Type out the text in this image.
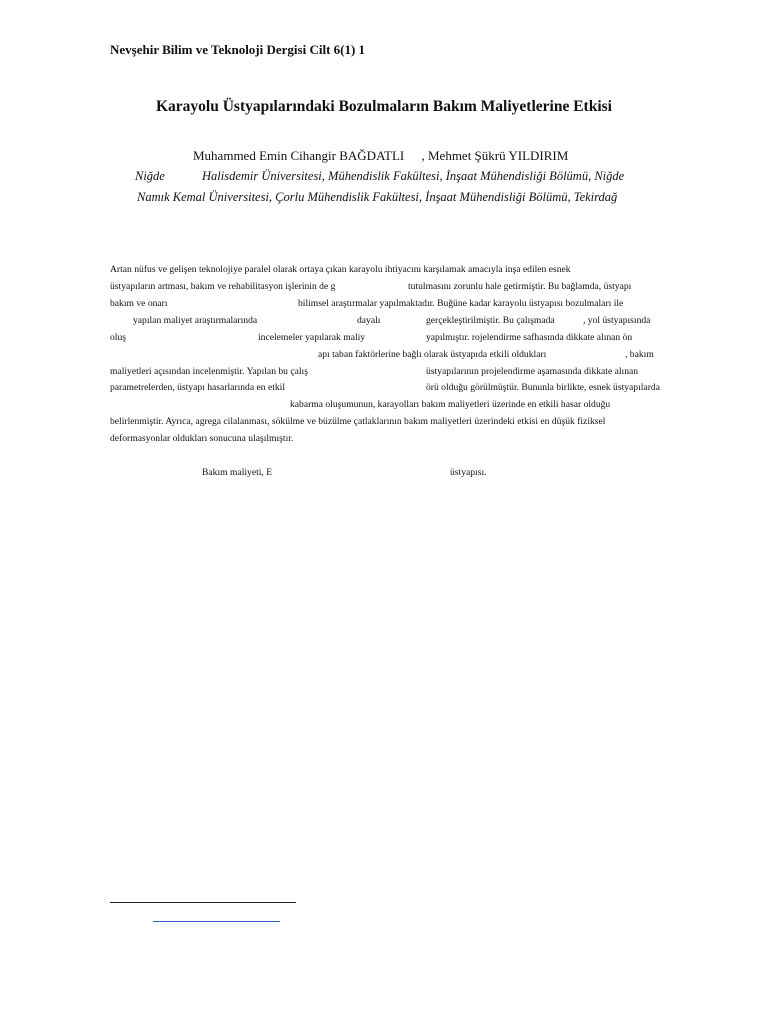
Nevşehir Bilim ve Teknoloji Dergisi Cilt 6(1) 1
Karayolu Üstyapılarındaki Bozulmaların Bakım Maliyetlerine Etkisi
Muhammed Emin Cihangir BAĞDATLI , Mehmet Şükrü YILDIRIM
Niğde	Halisdemir Üniversitesi, Mühendislik Fakültesi, İnşaat Mühendisliği Bölümü, Niğde
Namık Kemal Üniversitesi, Çorlu Mühendislik Fakültesi, İnşaat Mühendisliği Bölümü, Tekirdağ
Artan nüfus ve gelişen teknolojiye paralel olarak ortaya çıkan karayolu ihtiyacını karşılamak amacıyla inşa edilen esnek
üstyapıların artması, bakım ve rehabilitasyon işlerinin de g	tutulmasını zorunlu hale getirmiştir. Bu bağlamda, üstyapı
bakım ve onarı	bilimsel araştırmalar yapılmaktadır. Buğüne kadar karayolu üstyapısı bozulmaları ile
yapılan maliyet araştırmalarında	dayalı	gerçekleştirilmiştir. Bu çalışmada	, yol üstyapısında
oluş	incelemeler yapılarak maliy	yapılmıştır. rojelendirme safhasında dikkate alınan ön
apı taban faktörlerine bağlı olarak üstyapıda etkili oldukları	, bakım
maliyetleri açısından incelenmiştir. Yapılan bu çalış	üstyapılarının projelendirme aşamasında dikkate alınan
parametrelerden, üstyapı hasarlarında en etkil	örü olduğu görülmüştür. Bununla birlikte, esnek üstyapılarda
kabarma oluşumunun, karayolları bakım maliyetleri üzerinde en etkili hasar olduğu
belirlenmiştir. Ayrıca, agrega cilalanması, sökülme ve büzülme çatlaklarının bakım maliyetleri üzerindeki etkisi en düşük fiziksel
deformasyonlar oldukları sonucuna ulaşılmıştır.
Bakım maliyeti, E	üstyapısı.
